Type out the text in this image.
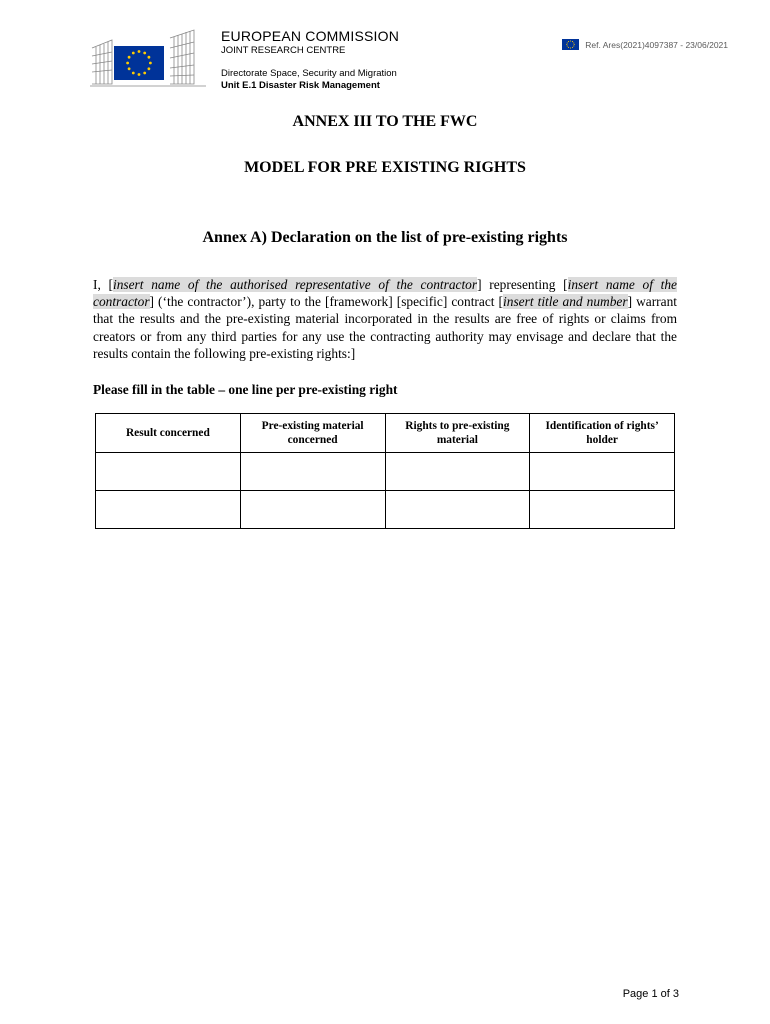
EUROPEAN COMMISSION
JOINT RESEARCH CENTRE
Directorate Space, Security and Migration
Unit E.1 Disaster Risk Management
Ref. Ares(2021)4097387 - 23/06/2021
ANNEX III TO THE FWC
MODEL FOR PRE EXISTING RIGHTS
Annex A) Declaration on the list of pre-existing rights
I, [insert name of the authorised representative of the contractor] representing [insert name of the contractor] (‘the contractor’), party to the [framework] [specific] contract [insert title and number] warrant that the results and the pre-existing material incorporated in the results are free of rights or claims from creators or from any third parties for any use the contracting authority may envisage and declare that the results contain the following pre-existing rights:]
Please fill in the table – one line per pre-existing right
Result concerned	Pre-existing material concerned	Rights to pre-existing material	Identification of rights’ holder

Page 1 of 3
